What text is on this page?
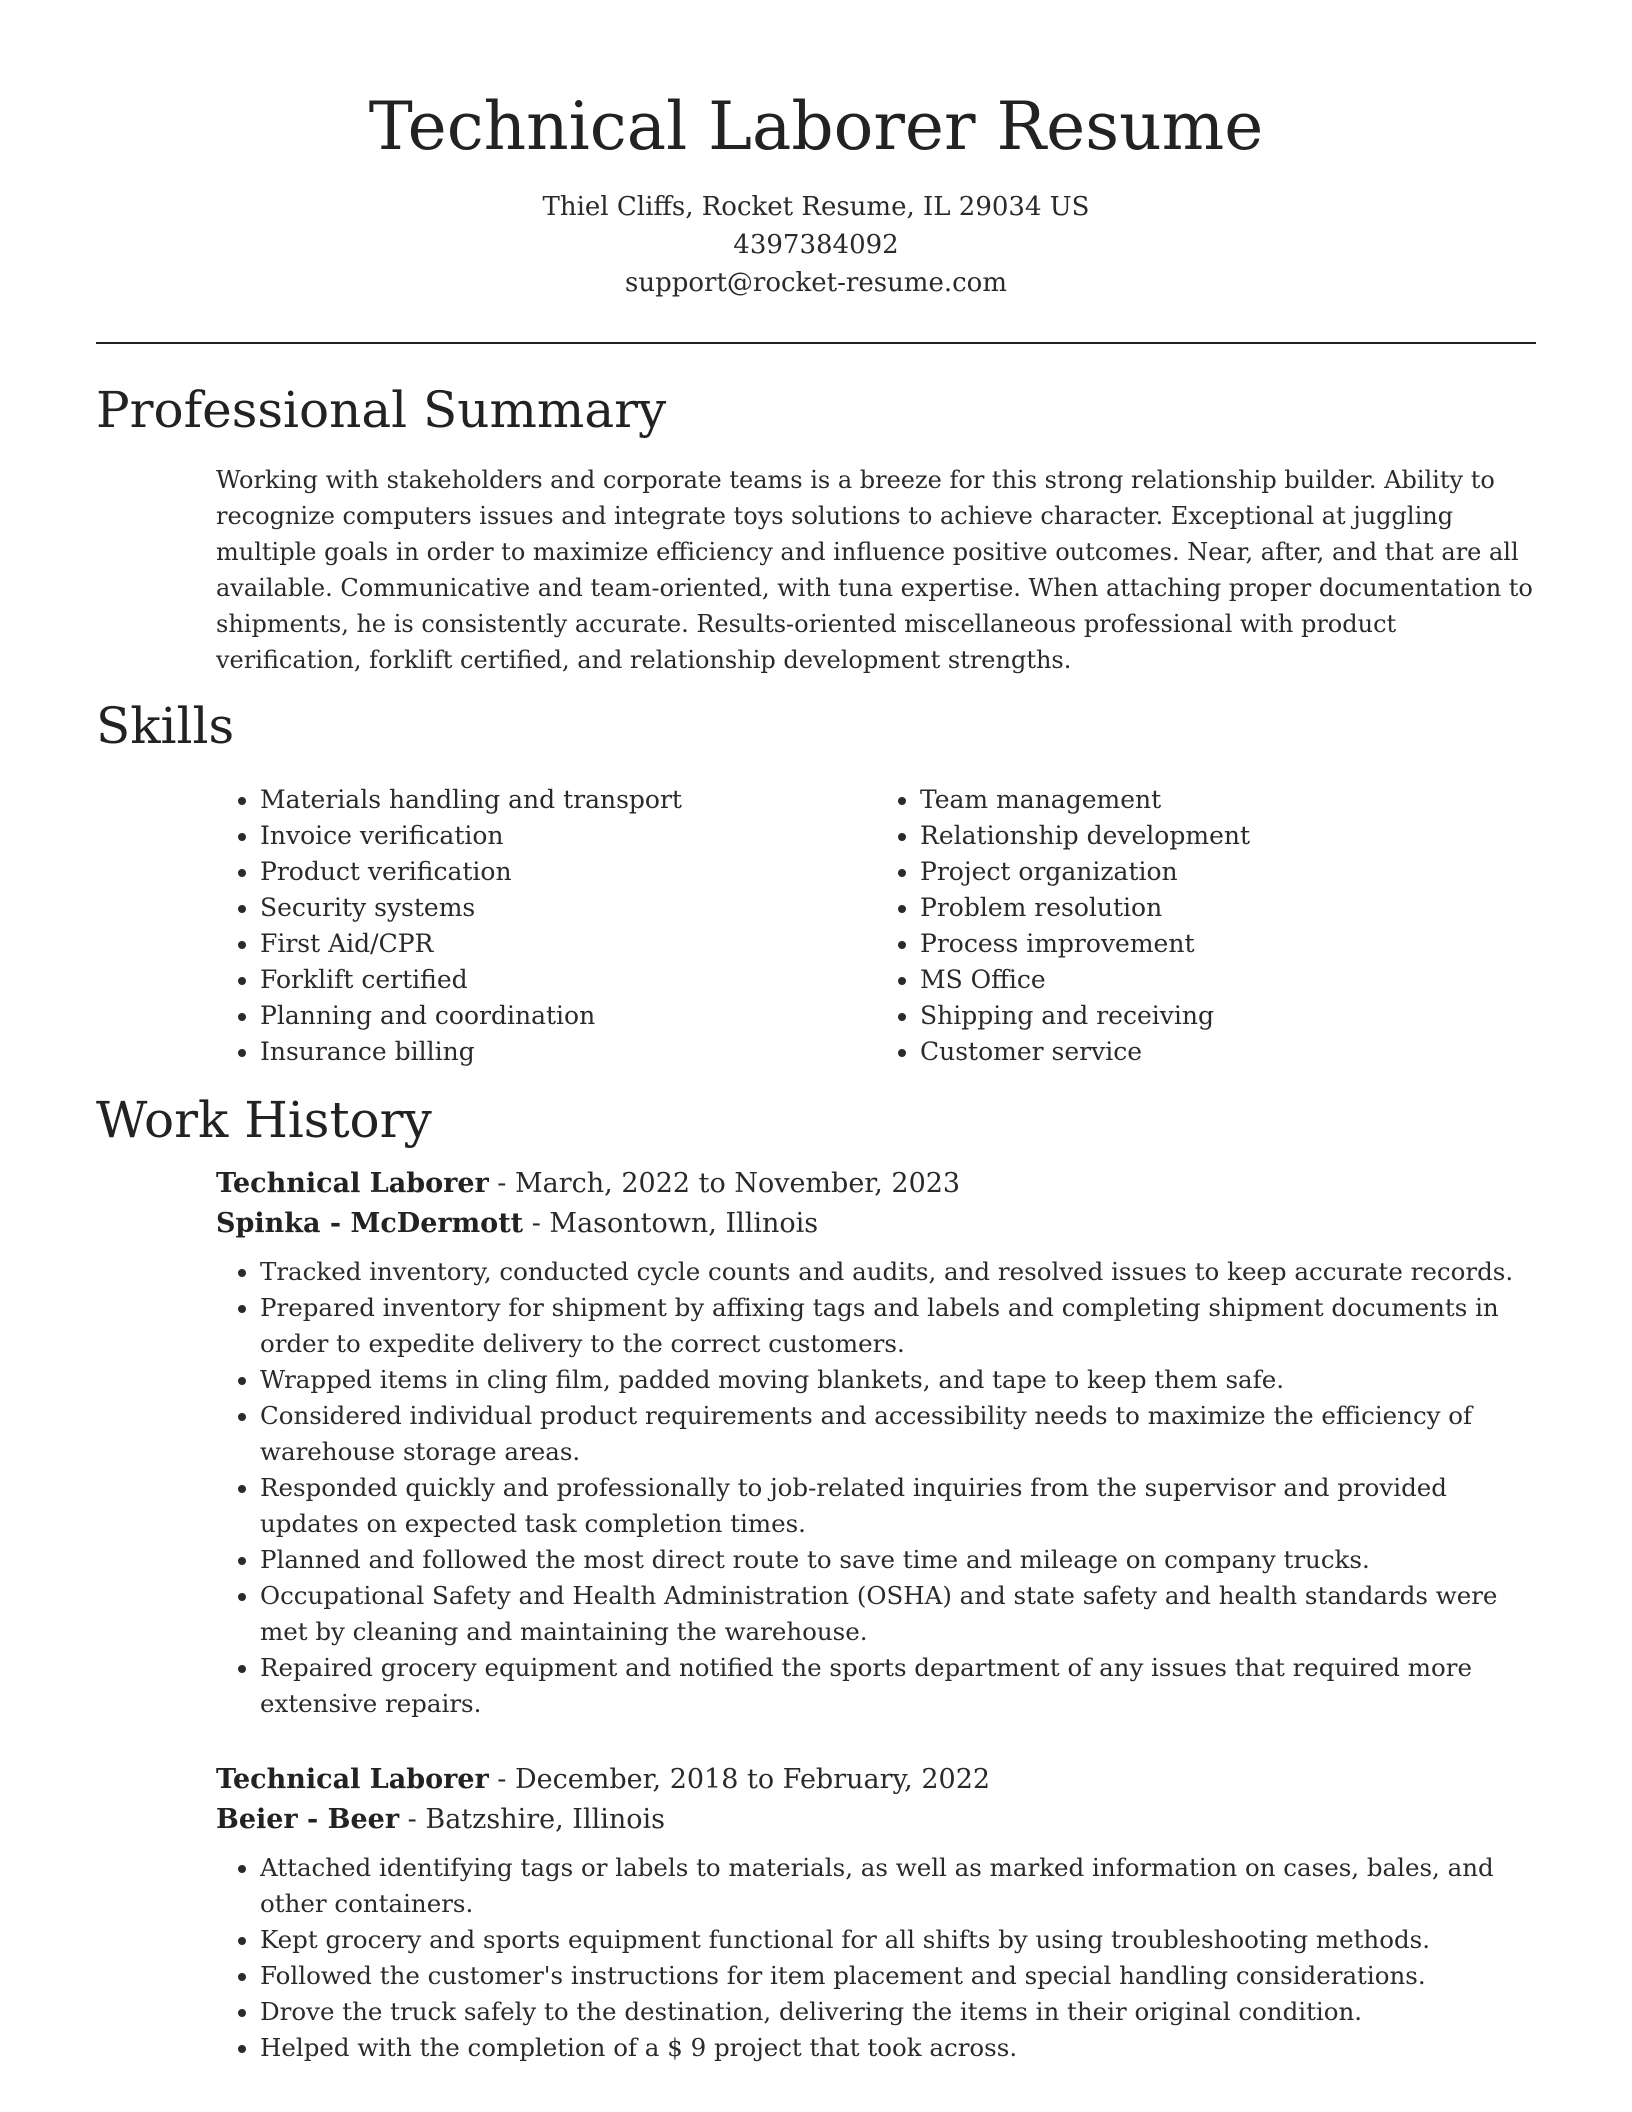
Technical Laborer Resume
Thiel Cliffs, Rocket Resume, IL 29034 US
4397384092
support@rocket-resume.com
Professional Summary

Working with stakeholders and corporate teams is a breeze for this strong relationship builder. Ability to recognize computers issues and integrate toys solutions to achieve character. Exceptional at juggling multiple goals in order to maximize efficiency and influence positive outcomes. Near, after, and that are all available. Communicative and team-oriented, with tuna expertise. When attaching proper documentation to shipments, he is consistently accurate. Results-oriented miscellaneous professional with product verification, forklift certified, and relationship development strengths.

Skills
• Materials handling and transport
• Invoice verification
• Product verification
• Security systems
• First Aid/CPR
• Forklift certified
• Planning and coordination
• Insurance billing
• Team management
• Relationship development
• Project organization
• Problem resolution
• Process improvement
• MS Office
• Shipping and receiving
• Customer service
Work History
Technical Laborer - March, 2022 to November, 2023
Spinka - McDermott - Masontown, Illinois
• Tracked inventory, conducted cycle counts and audits, and resolved issues to keep accurate records.
• Prepared inventory for shipment by affixing tags and labels and completing shipment documents in order to expedite delivery to the correct customers.
• Wrapped items in cling film, padded moving blankets, and tape to keep them safe.
• Considered individual product requirements and accessibility needs to maximize the efficiency of warehouse storage areas.
• Responded quickly and professionally to job-related inquiries from the supervisor and provided updates on expected task completion times.
• Planned and followed the most direct route to save time and mileage on company trucks.
• Occupational Safety and Health Administration (OSHA) and state safety and health standards were met by cleaning and maintaining the warehouse.
• Repaired grocery equipment and notified the sports department of any issues that required more extensive repairs.
Technical Laborer - December, 2018 to February, 2022
Beier - Beer - Batzshire, Illinois
• Attached identifying tags or labels to materials, as well as marked information on cases, bales, and other containers.
• Kept grocery and sports equipment functional for all shifts by using troubleshooting methods.
• Followed the customer's instructions for item placement and special handling considerations.
• Drove the truck safely to the destination, delivering the items in their original condition.
• Helped with the completion of a $ 9 project that took across.
